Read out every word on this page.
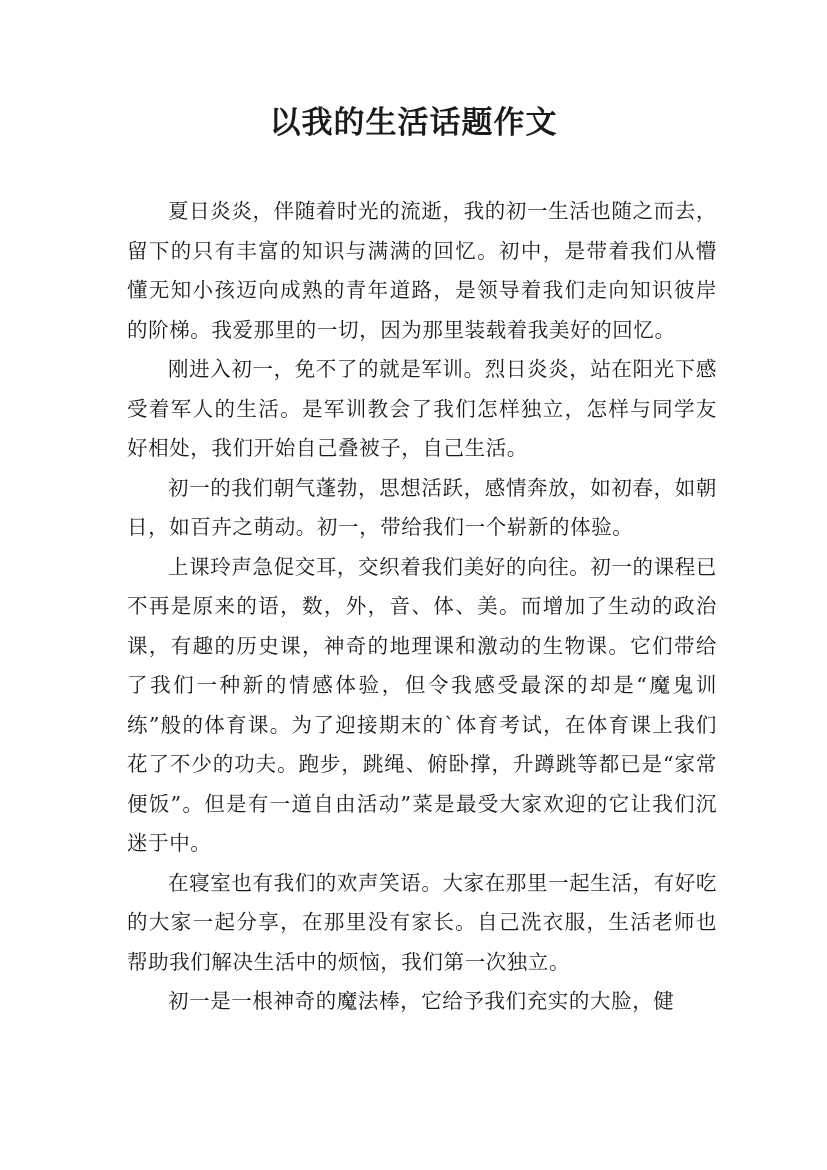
以我的生活话题作文

夏日炎炎，伴随着时光的流逝，我的初一生活也随之而去，留下的只有丰富的知识与满满的回忆。初中，是带着我们从懵懂无知小孩迈向成熟的青年道路，是领导着我们走向知识彼岸的阶梯。我爱那里的一切，因为那里装载着我美好的回忆。

刚进入初一，免不了的就是军训。烈日炎炎，站在阳光下感受着军人的生活。是军训教会了我们怎样独立，怎样与同学友好相处，我们开始自己叠被子，自己生活。

初一的我们朝气蓬勃，思想活跃，感情奔放，如初春，如朝日，如百卉之萌动。初一，带给我们一个崭新的体验。

上课玲声急促交耳，交织着我们美好的向往。初一的课程已不再是原来的语，数，外，音、体、美。而增加了生动的政治课，有趣的历史课，神奇的地理课和激动的生物课。它们带给了我们一种新的情感体验，但令我感受最深的却是“魔鬼训练”般的体育课。为了迎接期末的`体育考试，在体育课上我们花了不少的功夫。跑步，跳绳、俯卧撑，升蹲跳等都已是“家常便饭”。但是有一道自由活动”菜是最受大家欢迎的它让我们沉迷于中。

在寝室也有我们的欢声笑语。大家在那里一起生活，有好吃的大家一起分享，在那里没有家长。自己洗衣服，生活老师也帮助我们解决生活中的烦恼，我们第一次独立。

初一是一根神奇的魔法棒，它给予我们充实的大脸，健
